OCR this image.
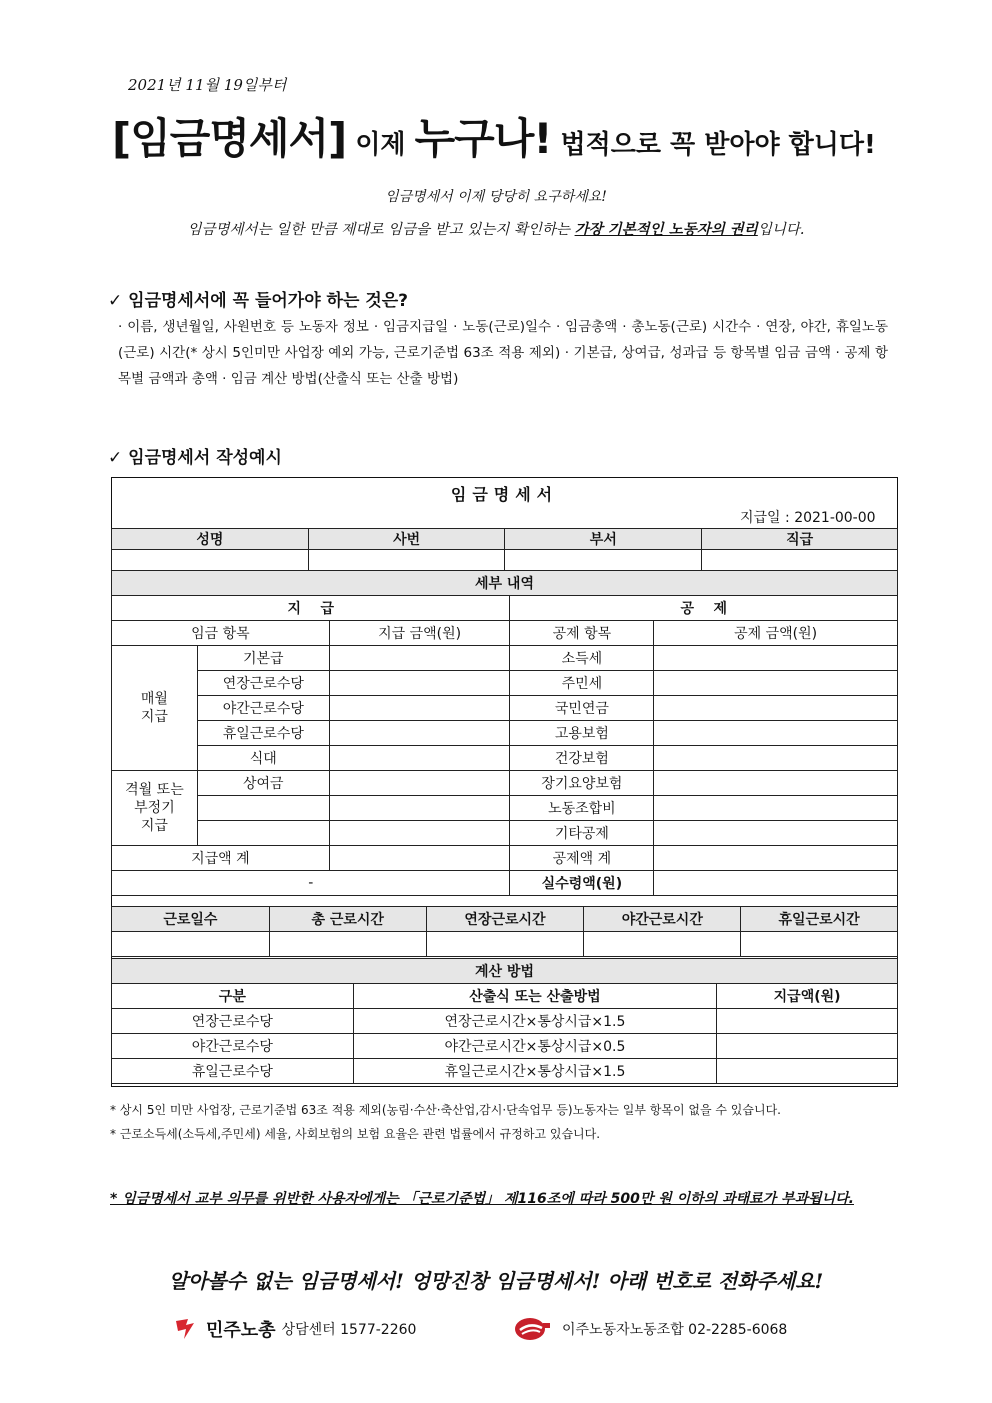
2021년 11월 19일부터
[임금명세서] 이제 누구나! 법적으로 꼭 받아야 합니다!
임금명세서 이제 당당히 요구하세요!
임금명세서는 일한 만큼 제대로 임금을 받고 있는지 확인하는 가장 기본적인 노동자의 권리입니다.
✓ 임금명세서에 꼭 들어가야 하는 것은?
· 이름, 생년월일, 사원번호 등 노동자 정보 · 임금지급일 · 노동(근로)일수 · 임금총액 · 총노동(근로) 시간수 · 연장, 야간, 휴일노동(근로) 시간(* 상시 5인미만 사업장 예외 가능, 근로기준법 63조 적용 제외) · 기본급, 상여급, 성과급 등 항목별 임금 금액 · 공제 항목별 금액과 총액 · 임금 계산 방법(산출식 또는 산출 방법)
✓ 임금명세서 작성예시
임금명세서
지급일 : 2021-00-00
성명	사번	부서	직급

세부 내역				
지    급			공    제	
임금 항목		지급 금액(원)	공제 항목	공제 금액(원)
매월
지급	기본급		소득세	
	연장근로수당		주민세	
	야간근로수당		국민연금	
	휴일근로수당		고용보험	
	식대		건강보험	
격월 또는
부정기
지급	상여금		장기요양보험	
			노동조합비	
			기타공제	
지급액 계			공제액 계	
-			실수령액(원)	
근로일수	총 근로시간	연장근로시간	야간근로시간	휴일근로시간

계산 방법		
구분	산출식 또는 산출방법	지급액(원)
연장근로수당	연장근로시간×통상시급×1.5	
야간근로수당	야간근로시간×통상시급×0.5	
휴일근로수당	휴일근로시간×통상시급×1.5	
* 상시 5인 미만 사업장, 근로기준법 63조 적용 제외(농림·수산·축산업,감시·단속업무 등)노동자는 일부 항목이 없을 수 있습니다.
* 근로소득세(소득세,주민세) 세율, 사회보험의 보험 요율은 관련 법률에서 규정하고 있습니다.
* 임금명세서 교부 의무를 위반한 사용자에게는 「근로기준법」 제116조에 따라 500만 원 이하의 과태료가 부과됩니다.
알아볼수 없는 임금명세서! 엉망진창 임금명세서! 아래 번호로 전화주세요!
민주노총 상담센터 1577-2260	이주노동자노동조합 02-2285-6068
